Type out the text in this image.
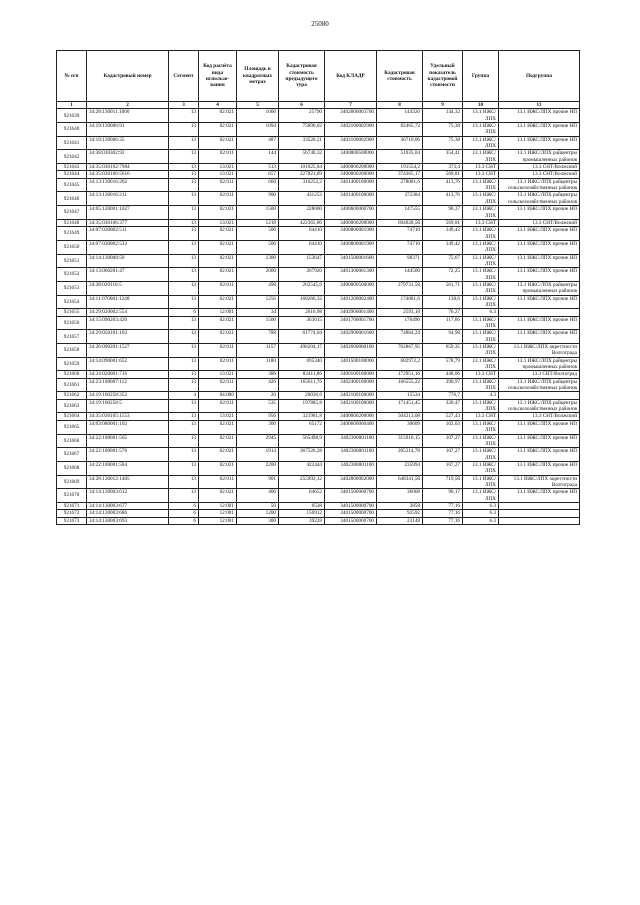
25080
№ п/п	Кадастровый номер	Сегмент	Код расчёта вида использо-вания	Площадь в квадратных метрах	Кадастровая стоимость предыдущего тура	Код КЛАДР	Кадастровая стоимость	Удельный показатель кадастровой стоимости	Группа	Подгруппа
1	2	3	4	5	6	7	8	9	10	11
921639	34:28:130011:1000	13	02:021	1000	25790	3402800003700	144320	144,32	13.1 ИЖС/ЛПХ	13.1 ИЖС/ЛПХ прочие НП
921640	34:19:130006:91	13	02:021	1094	75890,02	3402100002900	82465,72	75,38	13.1 ИЖС/ЛПХ	13.1 ИЖС/ЛПХ прочие НП
921641	34:19:130006:35	13	02:021	487	33520,21	3402100002900	36710,06	75,38	13.1 ИЖС/ЛПХ	13.1 ИЖС/ЛПХ прочие НП
921642	34:38:030302:92	13	02:011	144	56740,32	3400000500000	51035,04	354,41	13.1 ИЖС/ЛПХ	13.1 ИЖС/ЛПХ райцентры промышленных районов
921643	34:35:030102:7984	13	13:021	513	101025,84	3400000200000	191554,2	373,4	13.3 СНТ	13.3 СНТ/Волжский
921644	34:35:030106:5616	13	13:021	657	227821,89	3400000200000	374365,17	569,81	13.3 СНТ	13.3 СНТ/Волжский
921645	34:13:130016:202	13	02:011	660	316252,2	3401400100000	278081,6	413,76	13.1 ИЖС/ЛПХ	13.1 ИЖС/ЛПХ райцентры сельскохозяйственных районов
921646	34:13:130016:211	13	02:011	900	431253	3401400100000	372384	413,76	13.1 ИЖС/ЛПХ	13.1 ИЖС/ЛПХ райцентры сельскохозяйственных районов
921647	34:05:120001:1027	13	02:021	1500	228000	3400600000700	147555	98,37	13.1 ИЖС/ЛПХ	13.1 ИЖС/ЛПХ прочие НП
921648	34:35:030106:377	13	13:021	1218	422365,86	3400000200000	694028,58	569,81	13.3 СНТ	13.3 СНТ/Волжский
921649	34:07:030002:511	13	02:021	500	64410	3400800001900	74710	149,42	13.1 ИЖС/ЛПХ	13.1 ИЖС/ЛПХ прочие НП
921650	34:07:030002:532	13	02:021	500	64410	3400800001900	74710	149,42	13.1 ИЖС/ЛПХ	13.1 ИЖС/ЛПХ прочие НП
921651	34:14:130008:50	13	02:021	1300	153647	3401500001600	98371	75,67	13.1 ИЖС/ЛПХ	13.1 ИЖС/ЛПХ прочие НП
921652	34:13:060201:47	13	02:021	2000	267920	3401300001300	144500	72,25	13.1 ИЖС/ЛПХ	13.1 ИЖС/ЛПХ прочие НП
921653	34:38:020110:5	13	02:011	498	262545,6	3400000500000	279731,58	561,71	13.1 ИЖС/ЛПХ	13.1 ИЖС/ЛПХ райцентры промышленных районов
921654	34:11:070001:1248	13	02:021	1256	168266,32	3401200002400	174081,6	138,6	13.1 ИЖС/ЛПХ	13.1 ИЖС/ЛПХ прочие НП
921655	34:29:020002:554	6	12:001	34	2616,98	3402900001400	2593,18	76,27	6.3	
921656	34:15:090203:420	13	02:021	1500	363015	3401700001700	176490	117,66	13.1 ИЖС/ЛПХ	13.1 ИЖС/ЛПХ прочие НП
921657	34:29:050101:102	13	02:021	788	61774,04	3402900001600	74864,24	94,98	13.1 ИЖС/ЛПХ	13.1 ИЖС/ЛПХ прочие НП
921658	34:26:090201:1527	13	02:011	1157	498204,17	3402600000100	762867,95	659,35	13.1 ИЖС/ЛПХ	13.1 ИЖС/ЛПХ окрестности Волгограда
921659	34:14:090001:652	13	02:011	1180	695340	3401500100000	682972,2	578,79	13.1 ИЖС/ЛПХ	13.1 ИЖС/ЛПХ райцентры промышленных районов
921660	34:34:020001:716	13	13:021	386	82411,86	3400100100000	172951,16	448,06	13.3 СНТ	13.3 СНТ/Волгоград
921661	34:23:100007:112	13	02:011	426	165611,76	3402400100000	166555,22	390,97	13.1 ИЖС/ЛПХ	13.1 ИЖС/ЛПХ райцентры сельскохозяйственных районов
921662	34:19:100258:352	4	04:080	20	20036,6	3402100100000	15534	776,7	4.3	
921663	34:19:100258:5	13	02:011	535	197885,8	3402100100000	171451,45	320,47	13.1 ИЖС/ЛПХ	13.1 ИЖС/ЛПХ райцентры сельскохозяйственных районов
921664	34:35:030105:1553	13	13:021	956	321981,8	3400000200000	504213,08	527,43	13.3 СНТ	13.3 СНТ/Волжский
921665	34:03:080001:102	13	02:021	300	65172	3400600000400	30609	102,03	13.1 ИЖС/ЛПХ	13.1 ИЖС/ЛПХ прочие НП
921666	34:22:100001:565	13	02:021	2945	565498,9	3402300001100	315910,15	107,27	13.1 ИЖС/ЛПХ	13.1 ИЖС/ЛПХ прочие НП
921667	34:22:100001:576	13	02:021	1914	367526,28	3402300001100	205314,78	107,27	13.1 ИЖС/ЛПХ	13.1 ИЖС/ЛПХ прочие НП
921668	34:22:100001:584	13	02:021	2200	422444	3402300001100	235994	107,27	13.1 ИЖС/ЛПХ	13.1 ИЖС/ЛПХ прочие НП
921669	34:28:130012:1405	13	02:011	901	255992,12	3402800002000	648341,58	719,58	13.1 ИЖС/ЛПХ	13.1 ИЖС/ЛПХ окрестности Волгограда
921670	34:14:130003:612	13	02:021	400	64652	3401500000700	36068	90,17	13.1 ИЖС/ЛПХ	13.1 ИЖС/ЛПХ прочие НП
921671	34:14:130003:677	6	12:001	50	6538	3401500000700	3858	77,16	6.3	
921672	34:14:130003:686	6	12:001	1200	156912	3401500000700	92592	77,16	6.3	
921673	34:14:130003:693	6	12:001	300	39228	3401500000700	23148	77,16	6.3	
